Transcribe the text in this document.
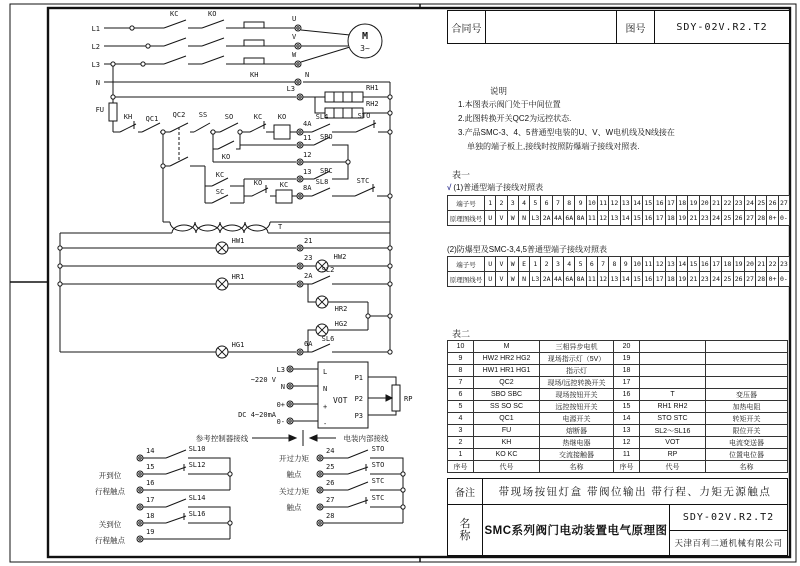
L1
L2
L3
N
KC	KO
U
V
W
KH
M
3~
N
L3	RH1
RH2
FU
KH QC1 QC2 SS	SO
KO
KC KO
4A
SL4	STO
11 SBO
12
13 SBC
KC
SC
KO	KC 8A
SL8	STC
T
HW1	21
23	HW2
HR1	2A
SL2
HR2
HG2
HG1	6A
SL6
L3
N
~220 V
0+
0-
DC 4~20mA
L
N
+
-
VOT
P1
P2
P3
RP
参考控制器接线	电装内部接线
14	SL10
15	SL12
16
开到位
行程触点
17	SL14
18	SL16
19
关到位
行程触点
24	STO
25	STO
26	STC
27	STC
28
开过力矩
触点
关过力矩
触点
合同号	图号	SDY-02V.R2.T2
说明
1.本图表示阀门处于中间位置
2.此图转换开关QC2为远控状态.
3.产品SMC-3、4、5普通型电装的U、V、W电机线及N线接在
单独的端子板上,接线时按照防爆端子接线对照表.
表一
√ (1)普通型端子接线对照表
端子号	1	2	3	4	5	6	7	8	9 10 11 12 13 14 15 16 17 18 19 20 21 22 23 24 25 26 27
原理图线号 U	V	W	N L3 2A 4A 6A 8A 11 12 13 14 15 16 17 18 19 21 23 24 25 26 27 28 0+ 0-
(2)防爆型及SMC-3,4,5普通型端子接线对照表
端子号	U	V	W	E	1	2	3	4	5	6	7	8	9 10 11 12 13 14 15 16 17 18 19 20 21 22 23
原理图线号 U	V	W	N L3 2A 4A 6A 8A 11 12 13 14 15 16 17 18 19 21 23 24 25 26 27 28 0+ 0-
表二
10	M	三相异步电机	20
9	HW2 HR2 HG2	现场指示灯（5V）	19
8	HW1 HR1 HG1	指示灯	18
7	QC2	现场/远控转换开关	17
6	SBO SBC	现场按钮开关	16	T	变压器
5	SS SO SC	远控按钮开关	15	RH1 RH2	加热电阻
4	QC1	电源开关	14	STO STC	转矩开关
3	FU	熔断器	13	SL2～SL16	限位开关
2	KH	热继电器	12	VOT	电流变送器
1	KO KC	交流接触器	11	RP	位置电位器
序号	代号	名称	序号	代号	名称
备注	带现场按钮灯盒 带阀位输出 带行程、力矩无源触点
名称 SMC系列阀门电动装置电气原理图
SDY-02V.R2.T2
天津百利二通机械有限公司
